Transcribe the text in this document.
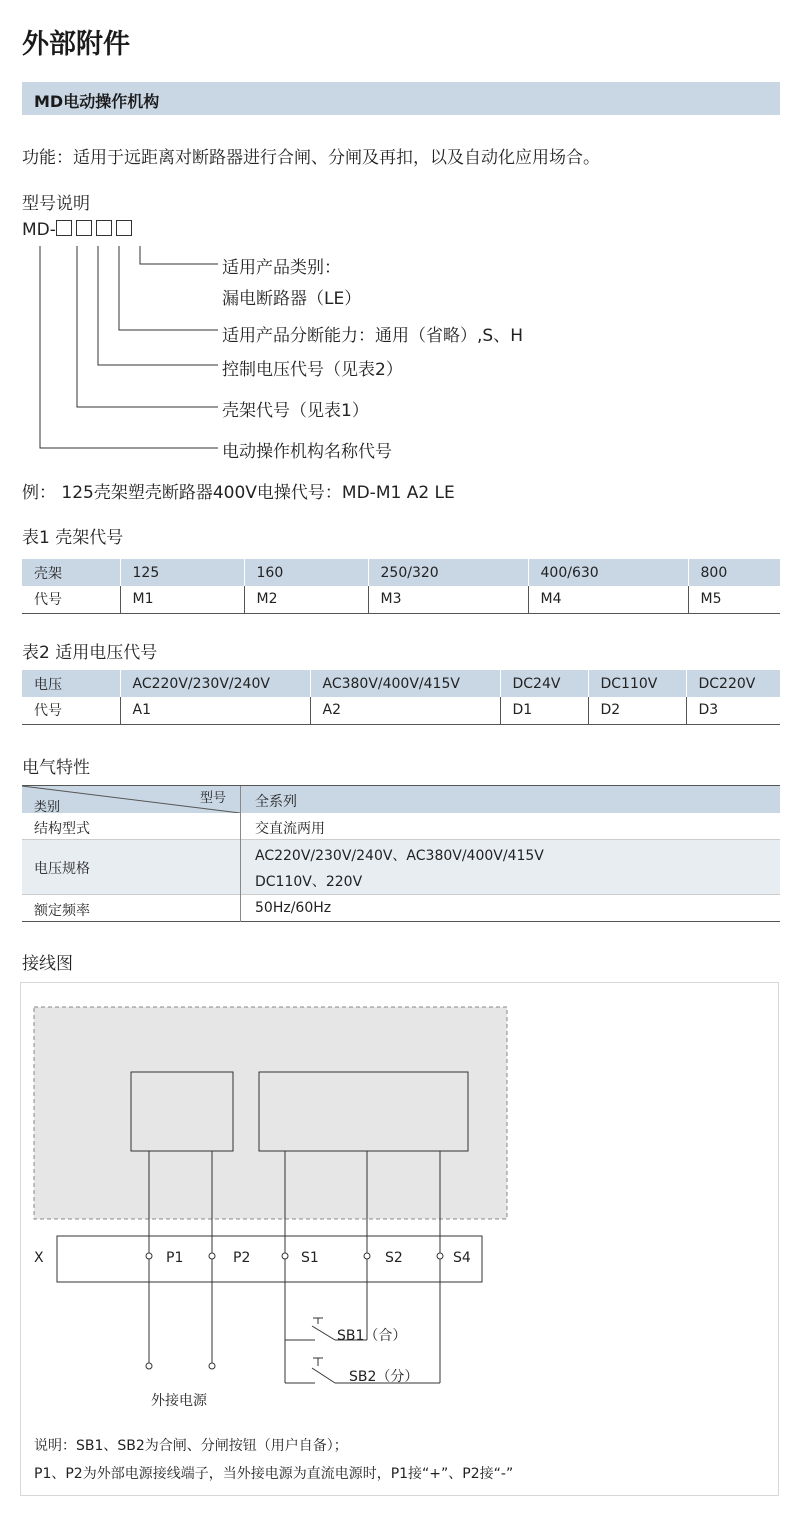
外部附件
MD电动操作机构
功能：适用于远距离对断路器进行合闸、分闸及再扣，以及自动化应用场合。
型号说明
MD-
适用产品类别：
漏电断路器（LE）
适用产品分断能力：通用（省略）,S、H
控制电压代号（见表2）
壳架代号（见表1）
电动操作机构名称代号
例： 125壳架塑壳断路器400V电操代号：MD-M1 A2 LE
表1 壳架代号
壳架	125	160	250/320	400/630	800
代号	M1	M2	M3	M4	M5
表2 适用电压代号
电压	AC220V/230V/240V	AC380V/400V/415V	DC24V	DC110V	DC220V
代号	A1	A2	D1	D2	D3
电气特性
型号
类别	全系列
结构型式	交直流两用
电压规格
AC220V/230V/240V、AC380V/400V/415V
DC110V、220V
额定频率	50Hz/60Hz
接线图
X	P1	P2	S1	S2	S4
SB1（合）
SB2（分）
外接电源
说明：SB1、SB2为合闸、分闸按钮（用户自备）；
P1、P2为外部电源接线端子，当外接电源为直流电源时，P1接“+”、P2接“-”
